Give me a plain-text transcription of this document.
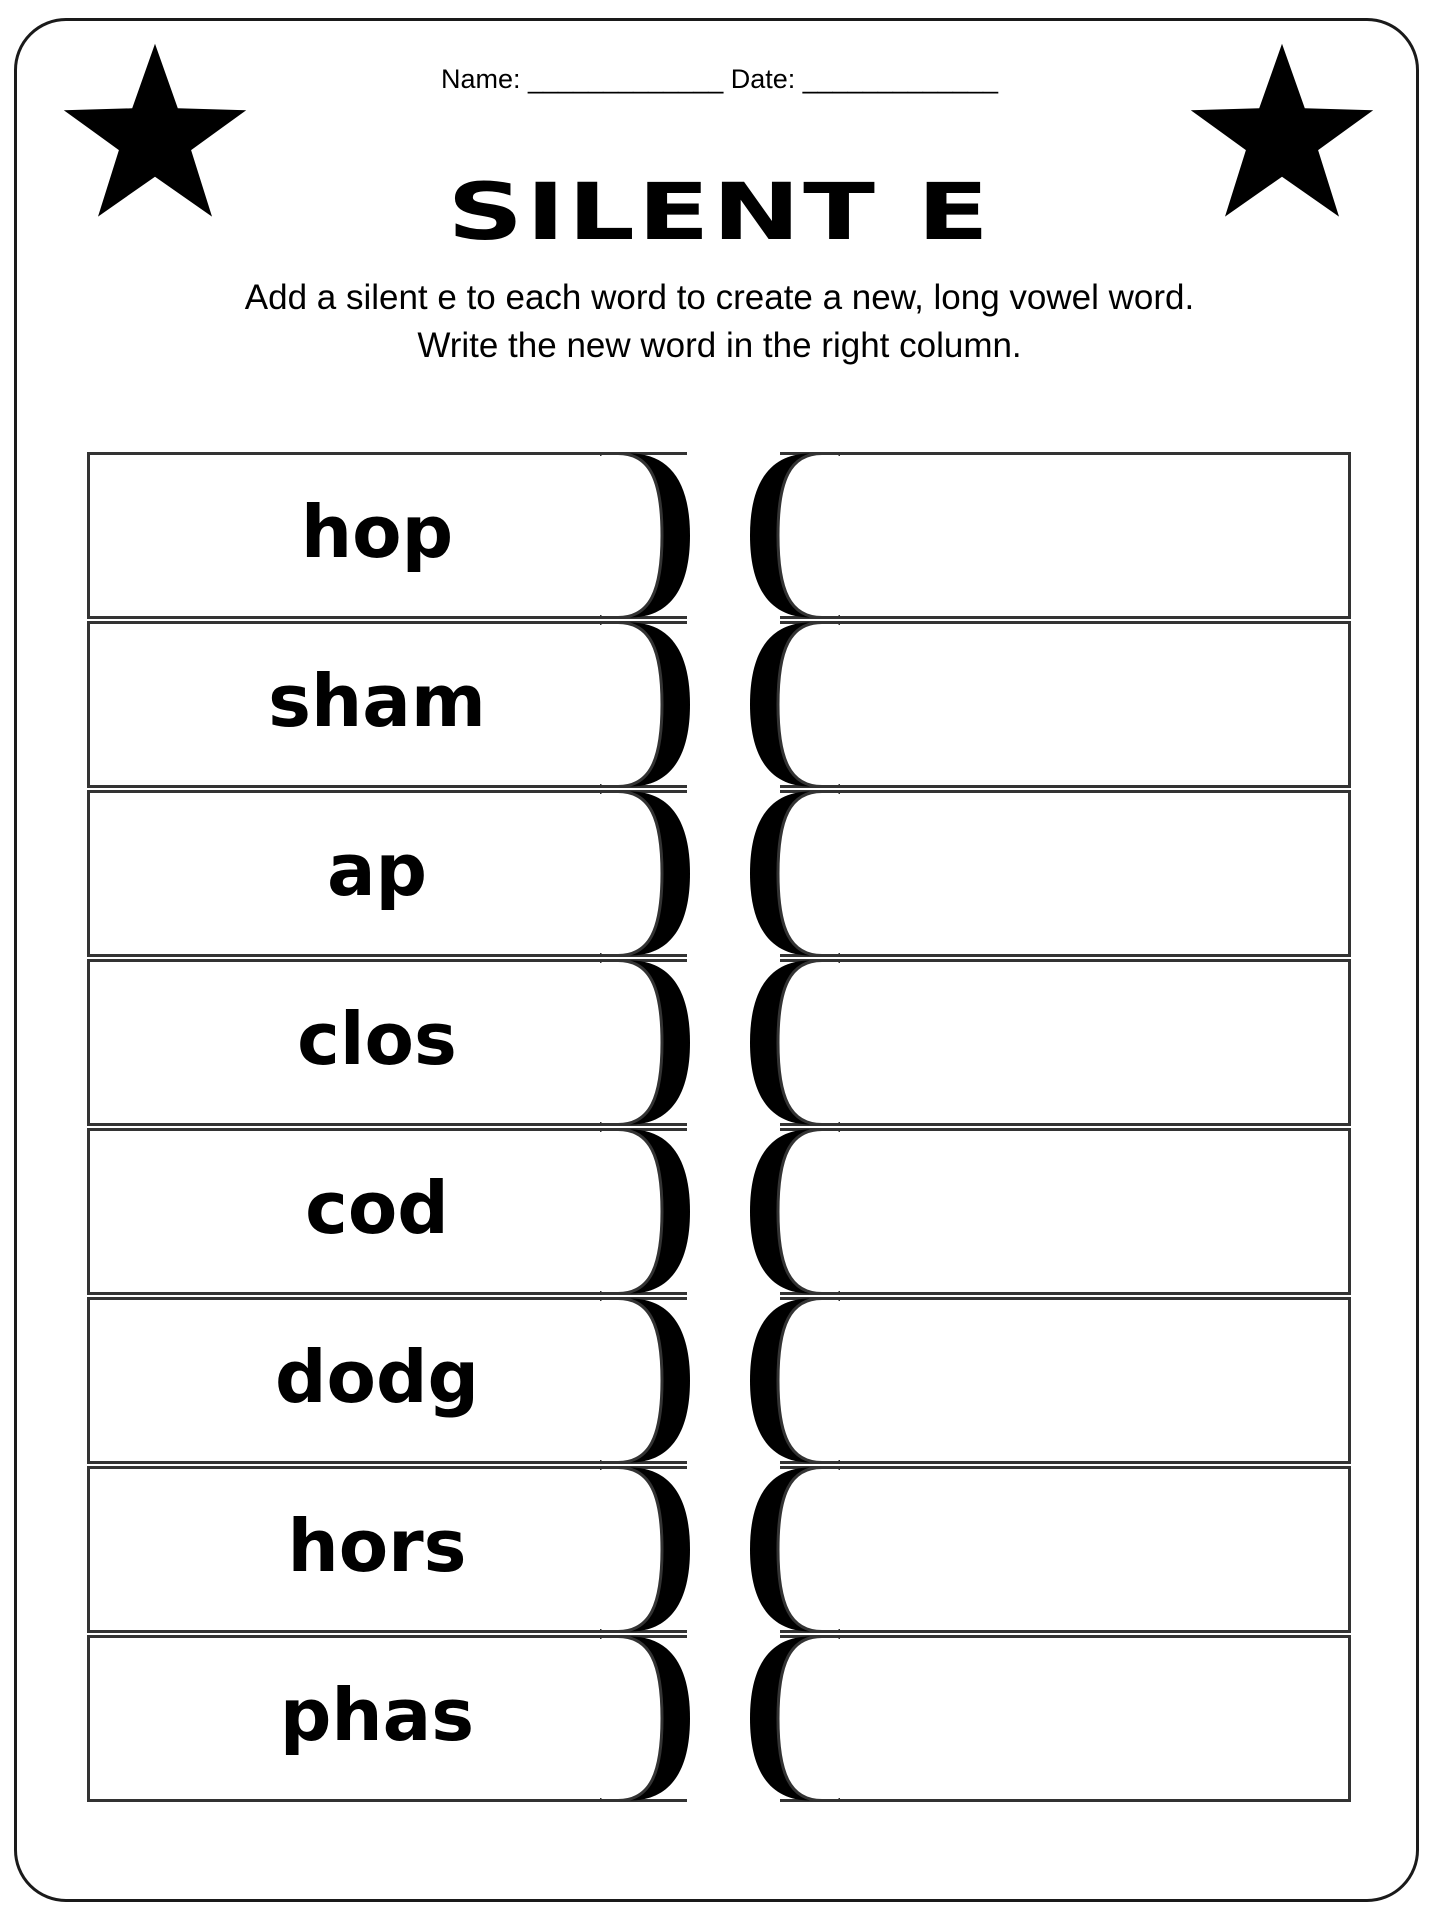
Name: _____________ Date: _____________
SILENT E
Add a silent e to each word to create a new, long vowel word.
Write the new word in the right column.
hop
sham
ap
clos
cod
dodg
hors
phas
